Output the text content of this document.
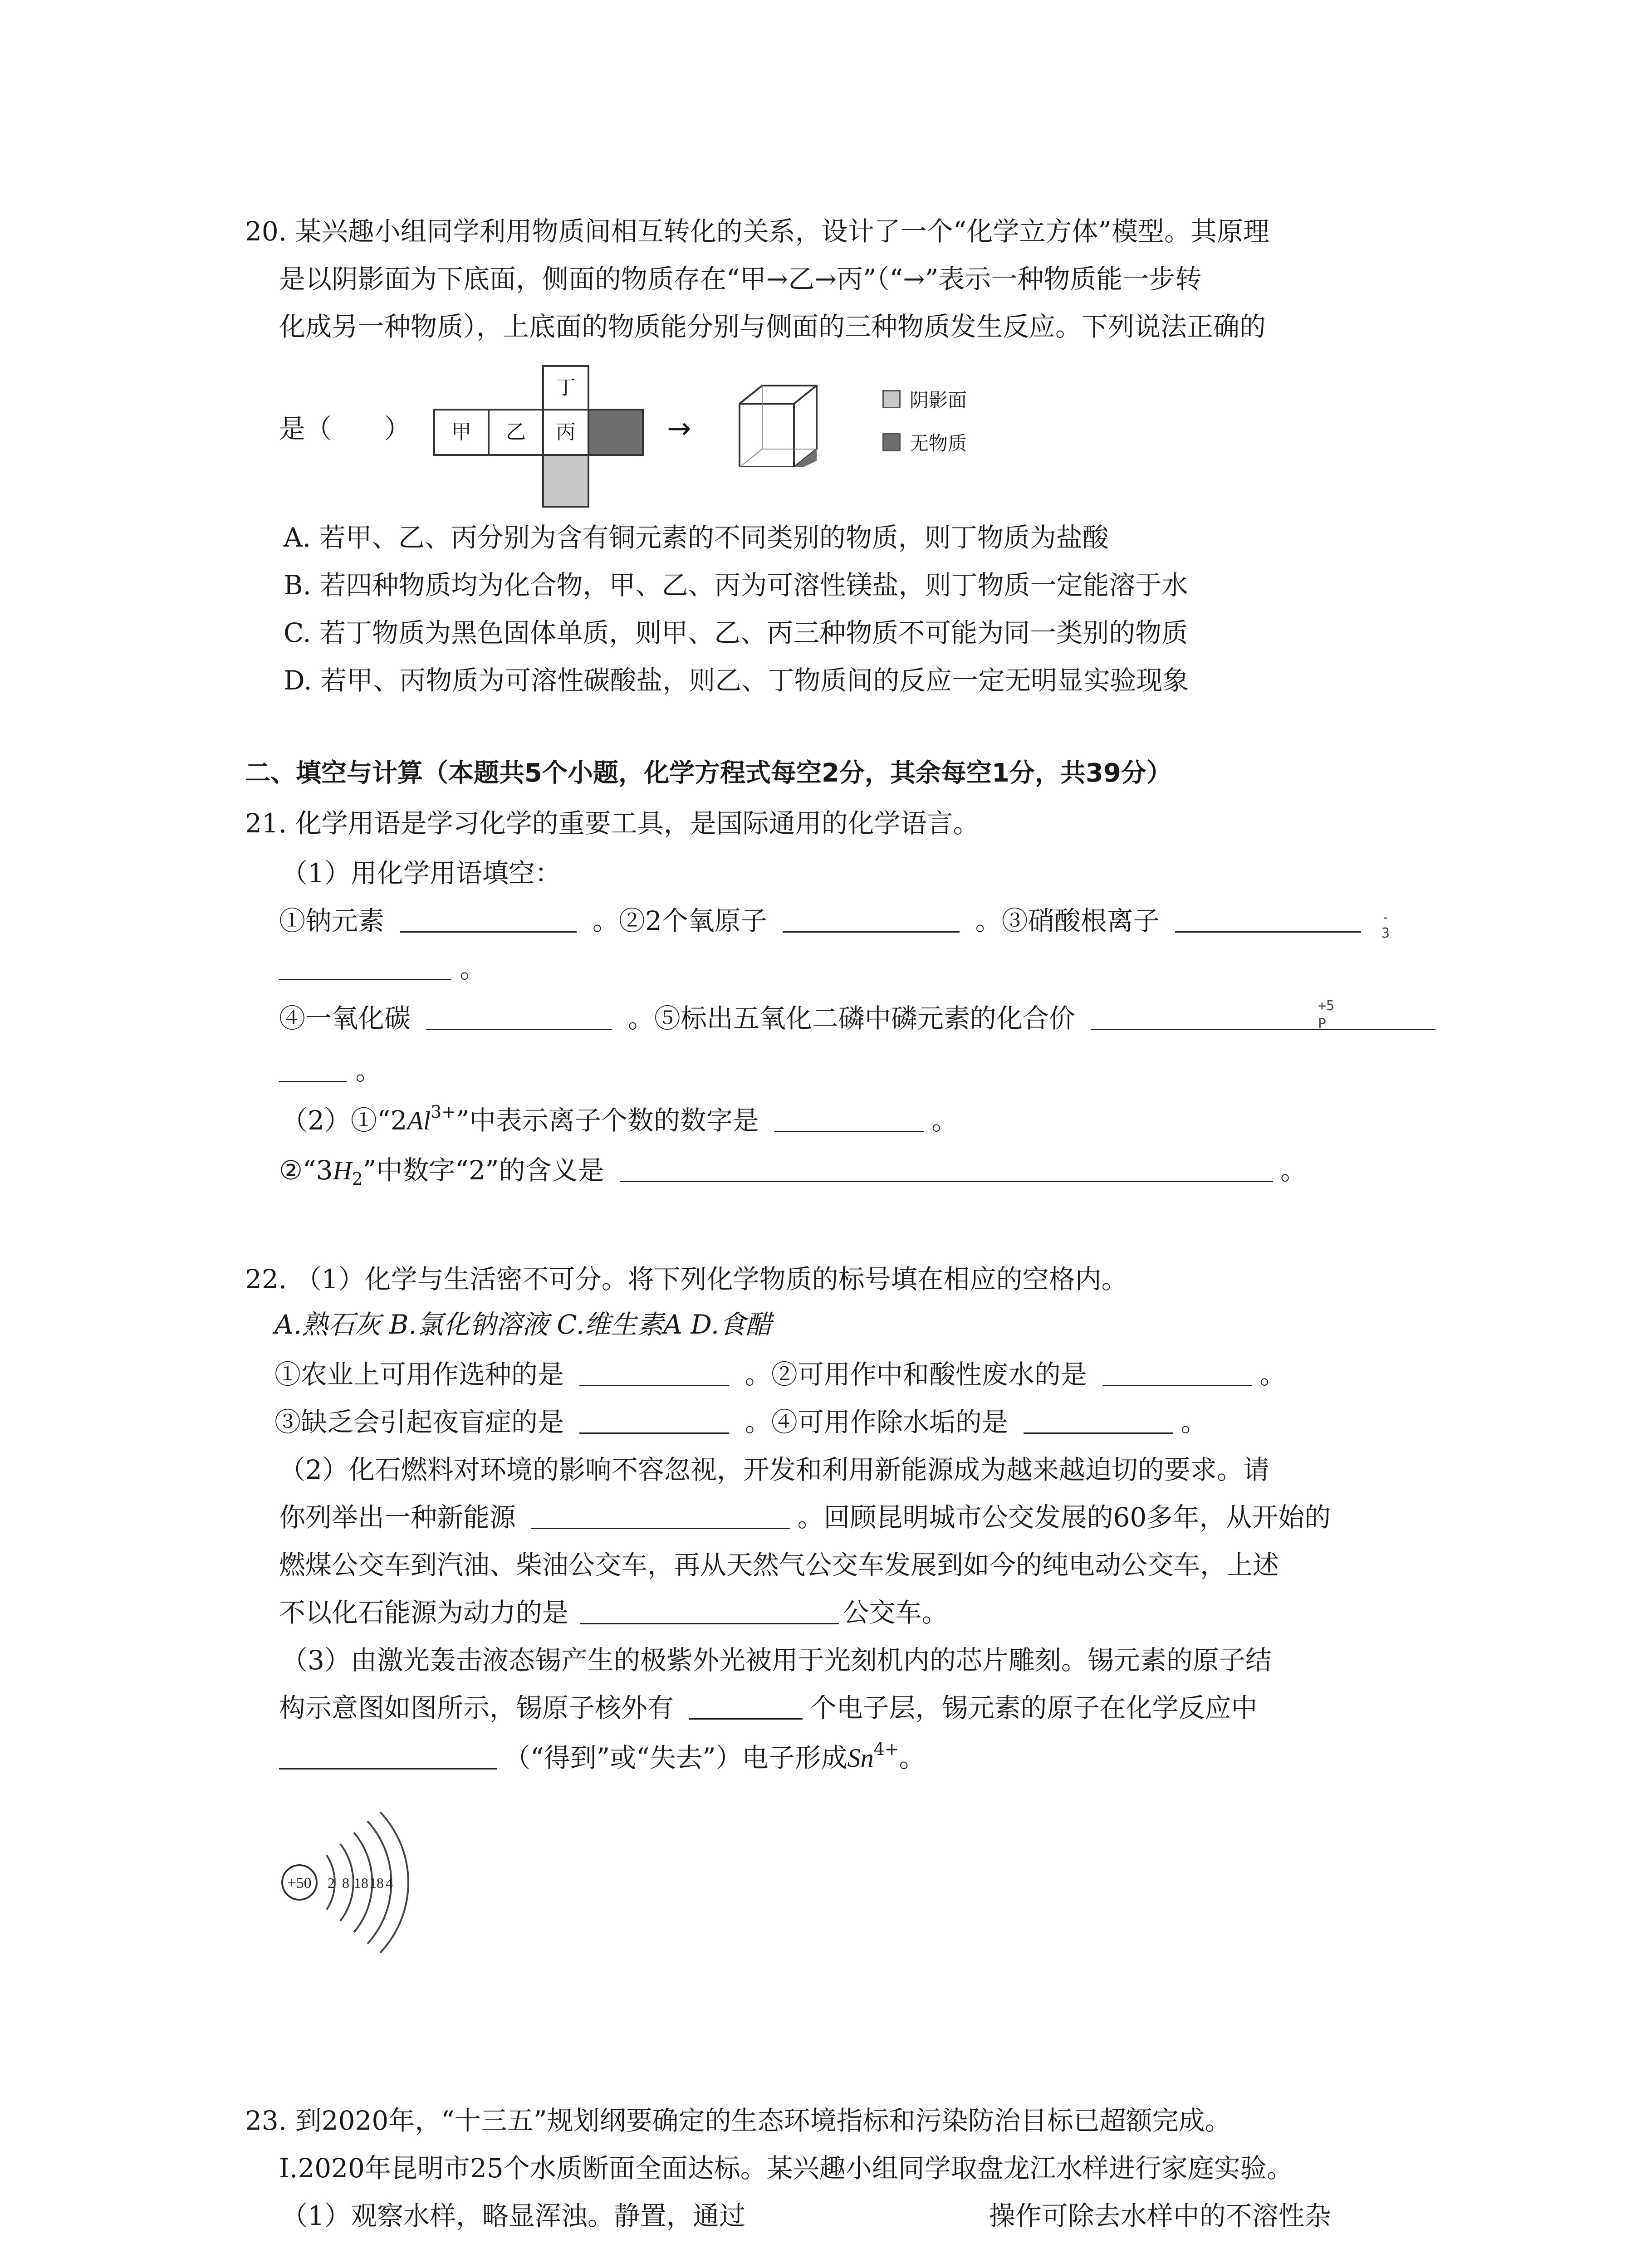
20. 某兴趣小组同学利用物质间相互转化的关系，设计了一个“化学立方体”模型。其原理
是以阴影面为下底面，侧面的物质存在“甲→乙→丙”（“→”表示一种物质能一步转
化成另一种物质），上底面的物质能分别与侧面的三种物质发生反应。下列说法正确的
是（　　）
丁
甲	乙	丙	→
阴影面
无物质
A. 若甲、乙、丙分别为含有铜元素的不同类别的物质，则丁物质为盐酸
B. 若四种物质均为化合物，甲、乙、丙为可溶性镁盐，则丁物质一定能溶于水
C. 若丁物质为黑色固体单质，则甲、乙、丙三种物质不可能为同一类别的物质
D. 若甲、丙物质为可溶性碳酸盐，则乙、丁物质间的反应一定无明显实验现象
二、填空与计算（本题共5个小题，化学方程式每空2分，其余每空1分，共39分）
21. 化学用语是学习化学的重要工具，是国际通用的化学语言。
（1）用化学用语填空：
①钠元素	。②2个氧原子	。③硝酸根离子	-
3
。
④一氧化碳	。⑤标出五氧化二磷中磷元素的化合价	+5
P
。
$(2)①“2Al^{3+}$”中表示离子个数的数字是	。
$②“3H_2$”中数字“2”的含义是	。
22. （1）化学与生活密不可分。将下列化学物质的标号填在相应的空格内。
A.熟石灰 B.氯化钠溶液 C.维生素A D.食醋
①农业上可用作选种的是	。②可用作中和酸性废水的是	。
③缺乏会引起夜盲症的是	。④可用作除水垢的是	。
（2）化石燃料对环境的影响不容忽视，开发和利用新能源成为越来越迫切的要求。请
你列举出一种新能源	。回顾昆明城市公交发展的60多年，从开始的
燃煤公交车到汽油、柴油公交车，再从天然气公交车发展到如今的纯电动公交车，上述
不以化石能源为动力的是	公交车。
（3）由激光轰击液态锡产生的极紫外光被用于光刻机内的芯片雕刻。锡元素的原子结
构示意图如图所示，锡原子核外有	个电子层，锡元素的原子在化学反应中
（“得到”或“失去”）电子形成$Sn^{4+}$。
+50 2 8 18 18 4
23. 到2020年，“十三五”规划纲要确定的生态环境指标和污染防治目标已超额完成。
Ⅰ.2020年昆明市25个水质断面全面达标。某兴趣小组同学取盘龙江水样进行家庭实验。
（1）观察水样，略显浑浊。静置，通过	操作可除去水样中的不溶性杂
